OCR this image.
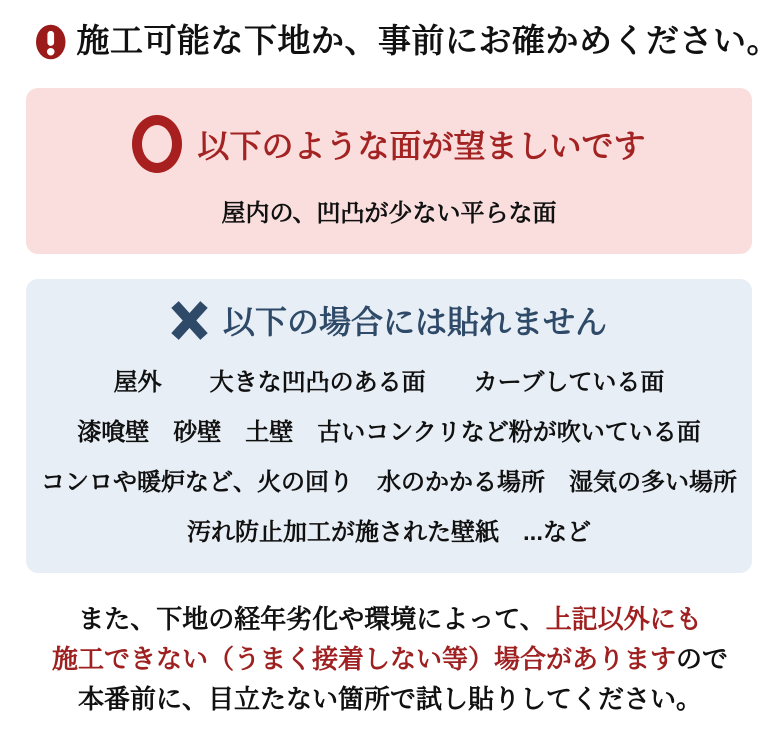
施工可能な下地か、事前にお確かめください。
以下のような面が望ましいです
屋内の、凹凸が少ない平らな面
以下の場合には貼れません
屋外　　大きな凹凸のある面　　カーブしている面
漆喰壁　砂壁　土壁　古いコンクリなど粉が吹いている面
コンロや暖炉など、火の回り　水のかかる場所　湿気の多い場所
汚れ防止加工が施された壁紙　...など
また、下地の経年劣化や環境によって、上記以外にも
施工できない（うまく接着しない等）場合がありますので
本番前に、目立たない箇所で試し貼りしてください。
